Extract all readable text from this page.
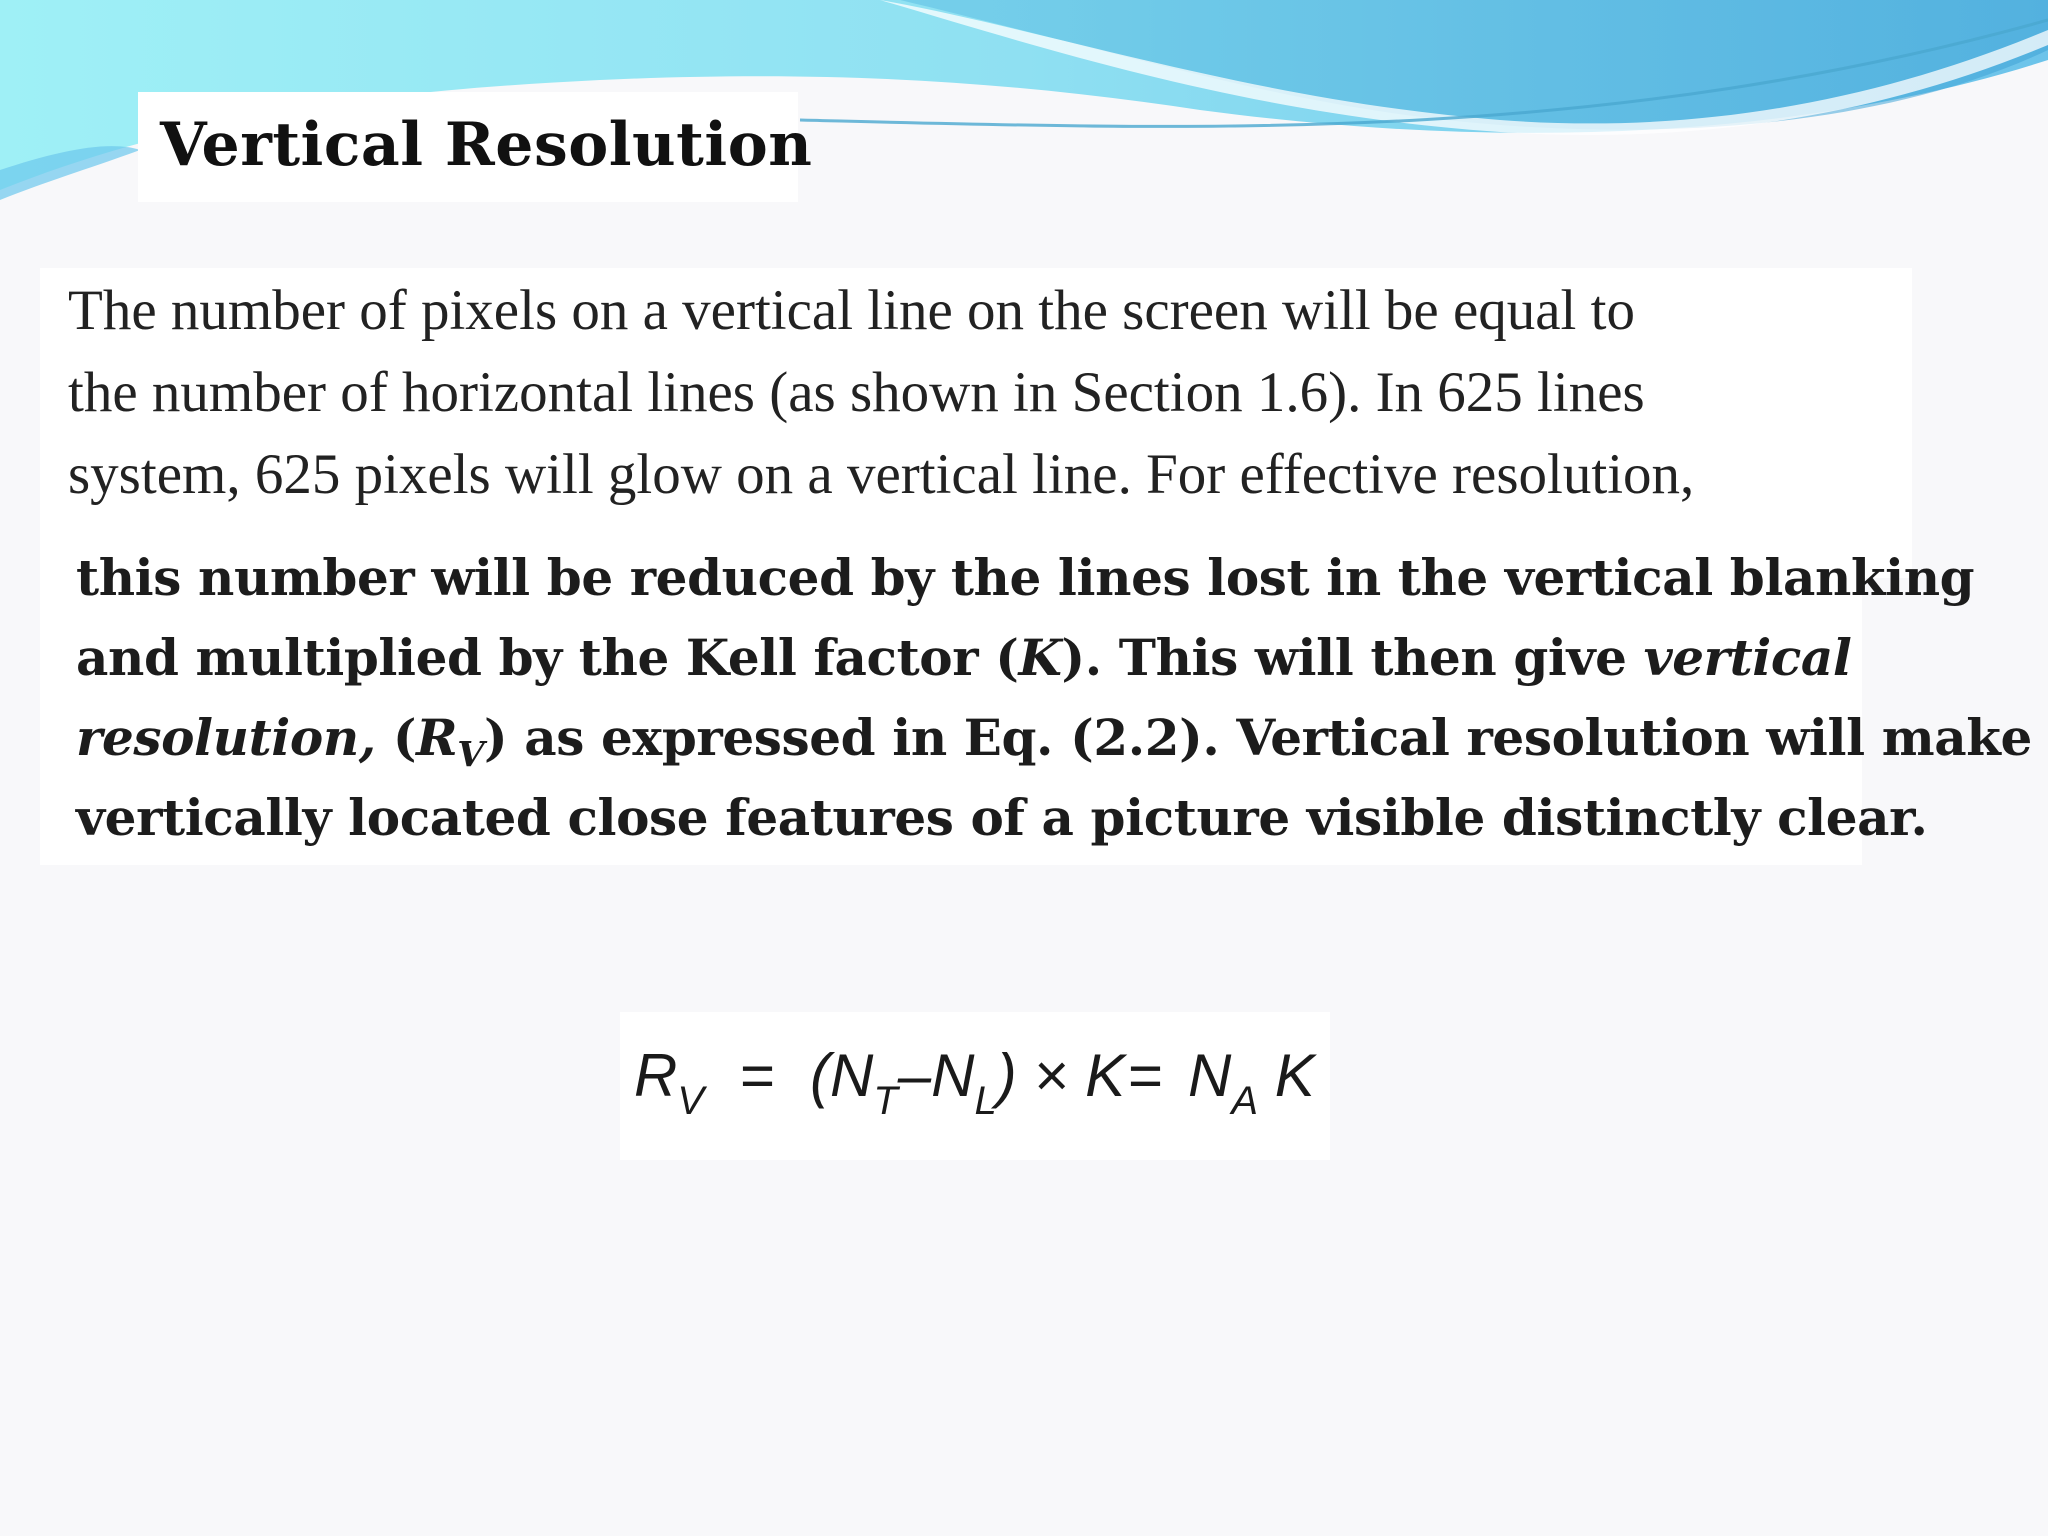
Vertical Resolution
The number of pixels on a vertical line on the screen will be equal to
the number of horizontal lines (as shown in Section 1.6). In 625 lines
system, 625 pixels will glow on a vertical line. For effective resolution,
this number will be reduced by the lines lost in the vertical blanking
and multiplied by the Kell factor (K). This will then give vertical
resolution, $(R_V)$ as expressed in Eq. (2.2). Vertical resolution will make
vertically located close features of a picture visible distinctly clear.
$R_V = (N_T-N_L) \times K = N_A$ K
